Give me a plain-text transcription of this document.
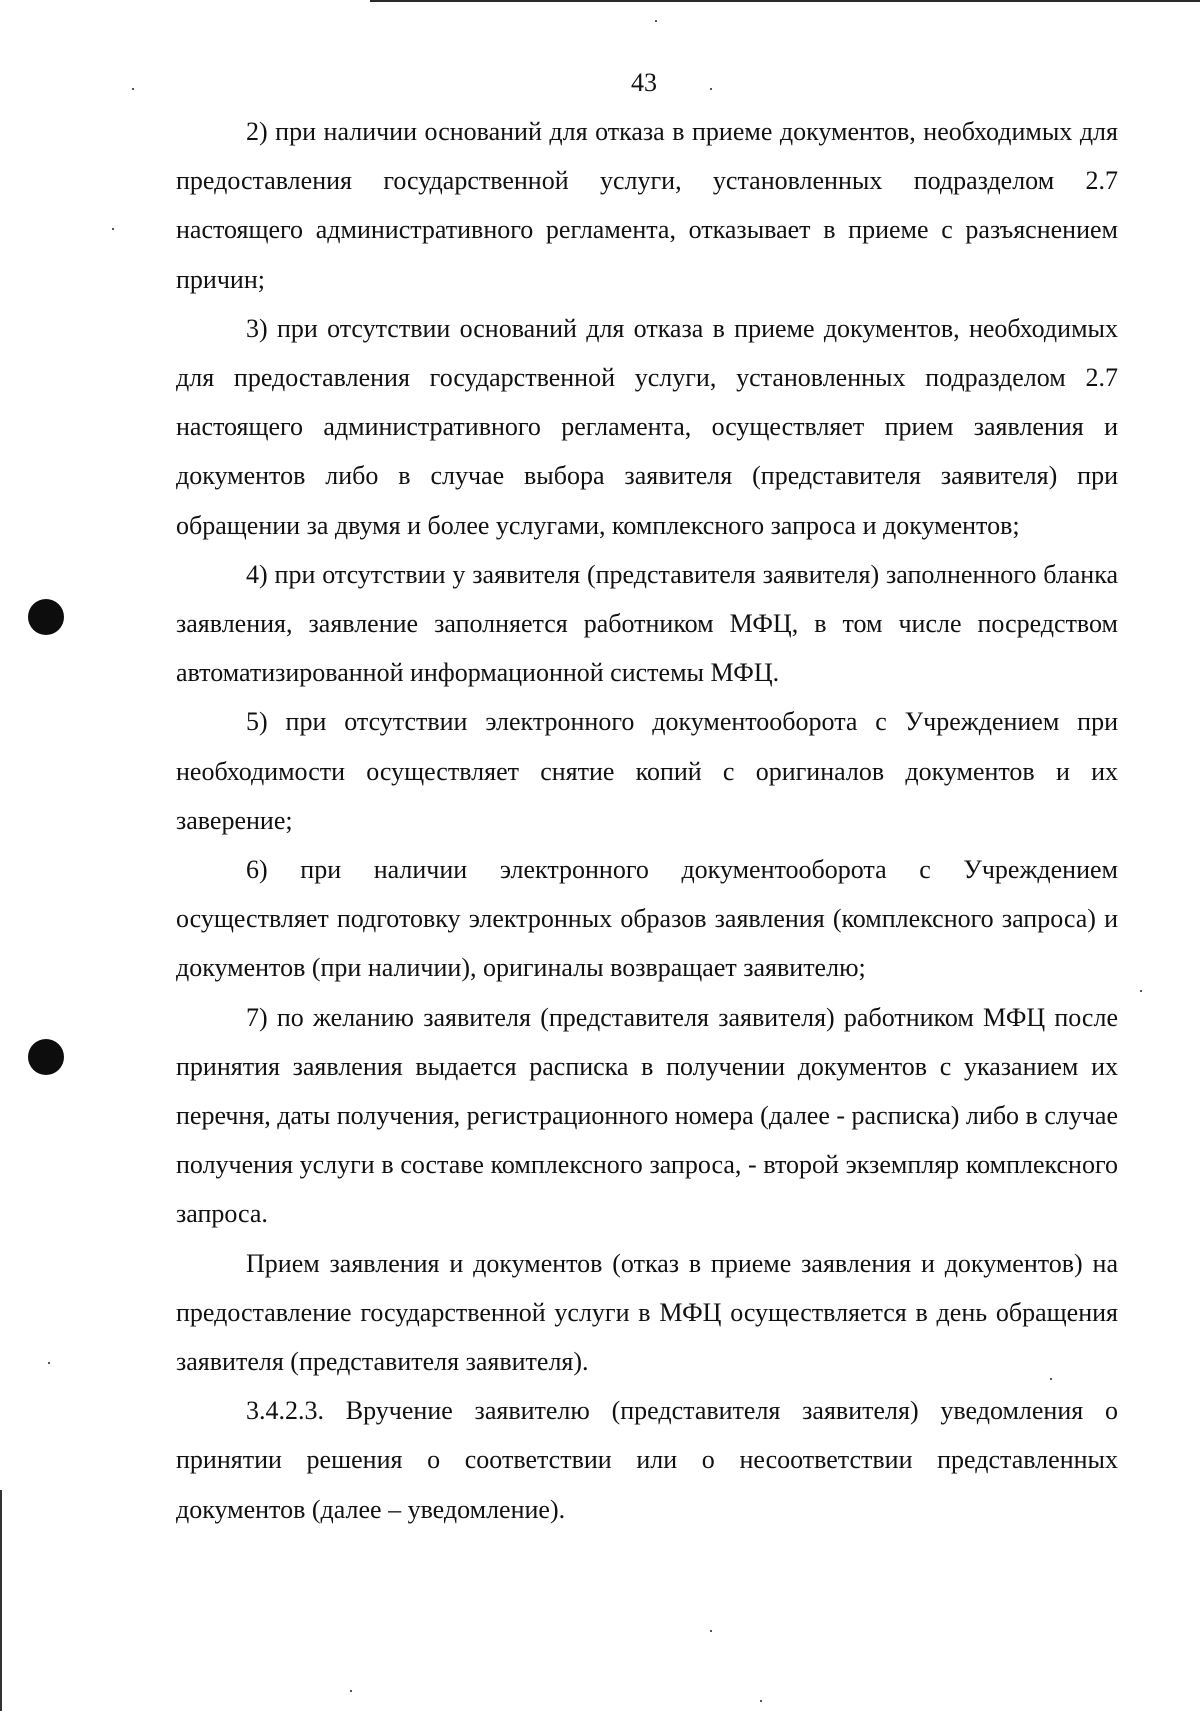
43

2) при наличии оснований для отказа в приеме документов, необходимых для предоставления государственной услуги, установленных подразделом 2.7 настоящего административного регламента, отказывает в приеме с разъяснением причин;

3) при отсутствии оснований для отказа в приеме документов, необходимых для предоставления государственной услуги, установленных подразделом 2.7 настоящего административного регламента, осуществляет прием заявления и документов либо в случае выбора заявителя (представителя заявителя) при обращении за двумя и более услугами, комплексного запроса и документов;

4) при отсутствии у заявителя (представителя заявителя) заполненного бланка заявления, заявление заполняется работником МФЦ, в том числе посредством автоматизированной информационной системы МФЦ.

5) при отсутствии электронного документооборота с Учреждением при необходимости осуществляет снятие копий с оригиналов документов и их заверение;

6) при наличии электронного документооборота с Учреждением осуществляет подготовку электронных образов заявления (комплексного запроса) и документов (при наличии), оригиналы возвращает заявителю;

7) по желанию заявителя (представителя заявителя) работником МФЦ после принятия заявления выдается расписка в получении документов с указанием их перечня, даты получения, регистрационного номера (далее - расписка) либо в случае получения услуги в составе комплексного запроса, - второй экземпляр комплексного запроса.

Прием заявления и документов (отказ в приеме заявления и документов) на предоставление государственной услуги в МФЦ осуществляется в день обращения заявителя (представителя заявителя).

3.4.2.3. Вручение заявителю (представителя заявителя) уведомления о принятии решения о соответствии или о несоответствии представленных документов (далее – уведомление).
